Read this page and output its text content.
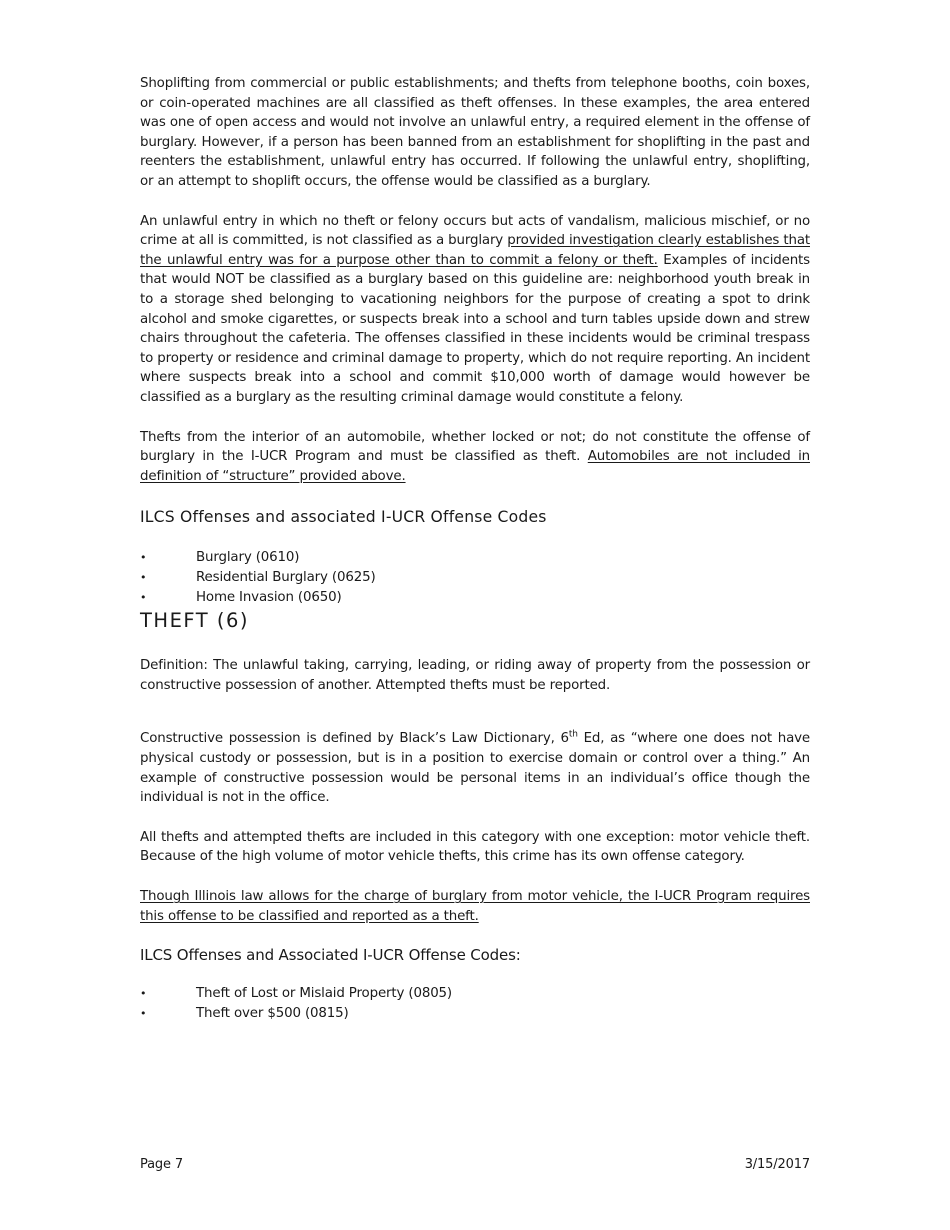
Shoplifting from commercial or public establishments; and thefts from telephone booths, coin boxes, or coin-operated machines are all classified as theft offenses. In these examples, the area entered was one of open access and would not involve an unlawful entry, a required element in the offense of burglary. However, if a person has been banned from an establishment for shoplifting in the past and reenters the establishment, unlawful entry has occurred. If following the unlawful entry, shoplifting, or an attempt to shoplift occurs, the offense would be classified as a burglary.

An unlawful entry in which no theft or felony occurs but acts of vandalism, malicious mischief, or no crime at all is committed, is not classified as a burglary provided investigation clearly establishes that the unlawful entry was for a purpose other than to commit a felony or theft. Examples of incidents that would NOT be classified as a burglary based on this guideline are: neighborhood youth break in to a storage shed belonging to vacationing neighbors for the purpose of creating a spot to drink alcohol and smoke cigarettes, or suspects break into a school and turn tables upside down and strew chairs throughout the cafeteria. The offenses classified in these incidents would be criminal trespass to property or residence and criminal damage to property, which do not require reporting. An incident where suspects break into a school and commit $10,000 worth of damage would however be classified as a burglary as the resulting criminal damage would constitute a felony.

Thefts from the interior of an automobile, whether locked or not; do not constitute the offense of burglary in the I-UCR Program and must be classified as theft. Automobiles are not included in definition of “structure” provided above.

ILCS Offenses and associated I-UCR Offense Codes
•	Burglary (0610)
•	Residential Burglary (0625)
•	Home Invasion (0650)
THEFT (6)

Definition: The unlawful taking, carrying, leading, or riding away of property from the possession or constructive possession of another. Attempted thefts must be reported.

Constructive possession is defined by Black’s Law Dictionary, 6th Ed, as “where one does not have physical custody or possession, but is in a position to exercise domain or control over a thing.” An example of constructive possession would be personal items in an individual’s office though the individual is not in the office.

All thefts and attempted thefts are included in this category with one exception: motor vehicle theft. Because of the high volume of motor vehicle thefts, this crime has its own offense category.

Though Illinois law allows for the charge of burglary from motor vehicle, the I-UCR Program requires this offense to be classified and reported as a theft.

ILCS Offenses and Associated I-UCR Offense Codes:
•	Theft of Lost or Mislaid Property (0805)
•	Theft over $500 (0815)
Page 7	3/15/2017
